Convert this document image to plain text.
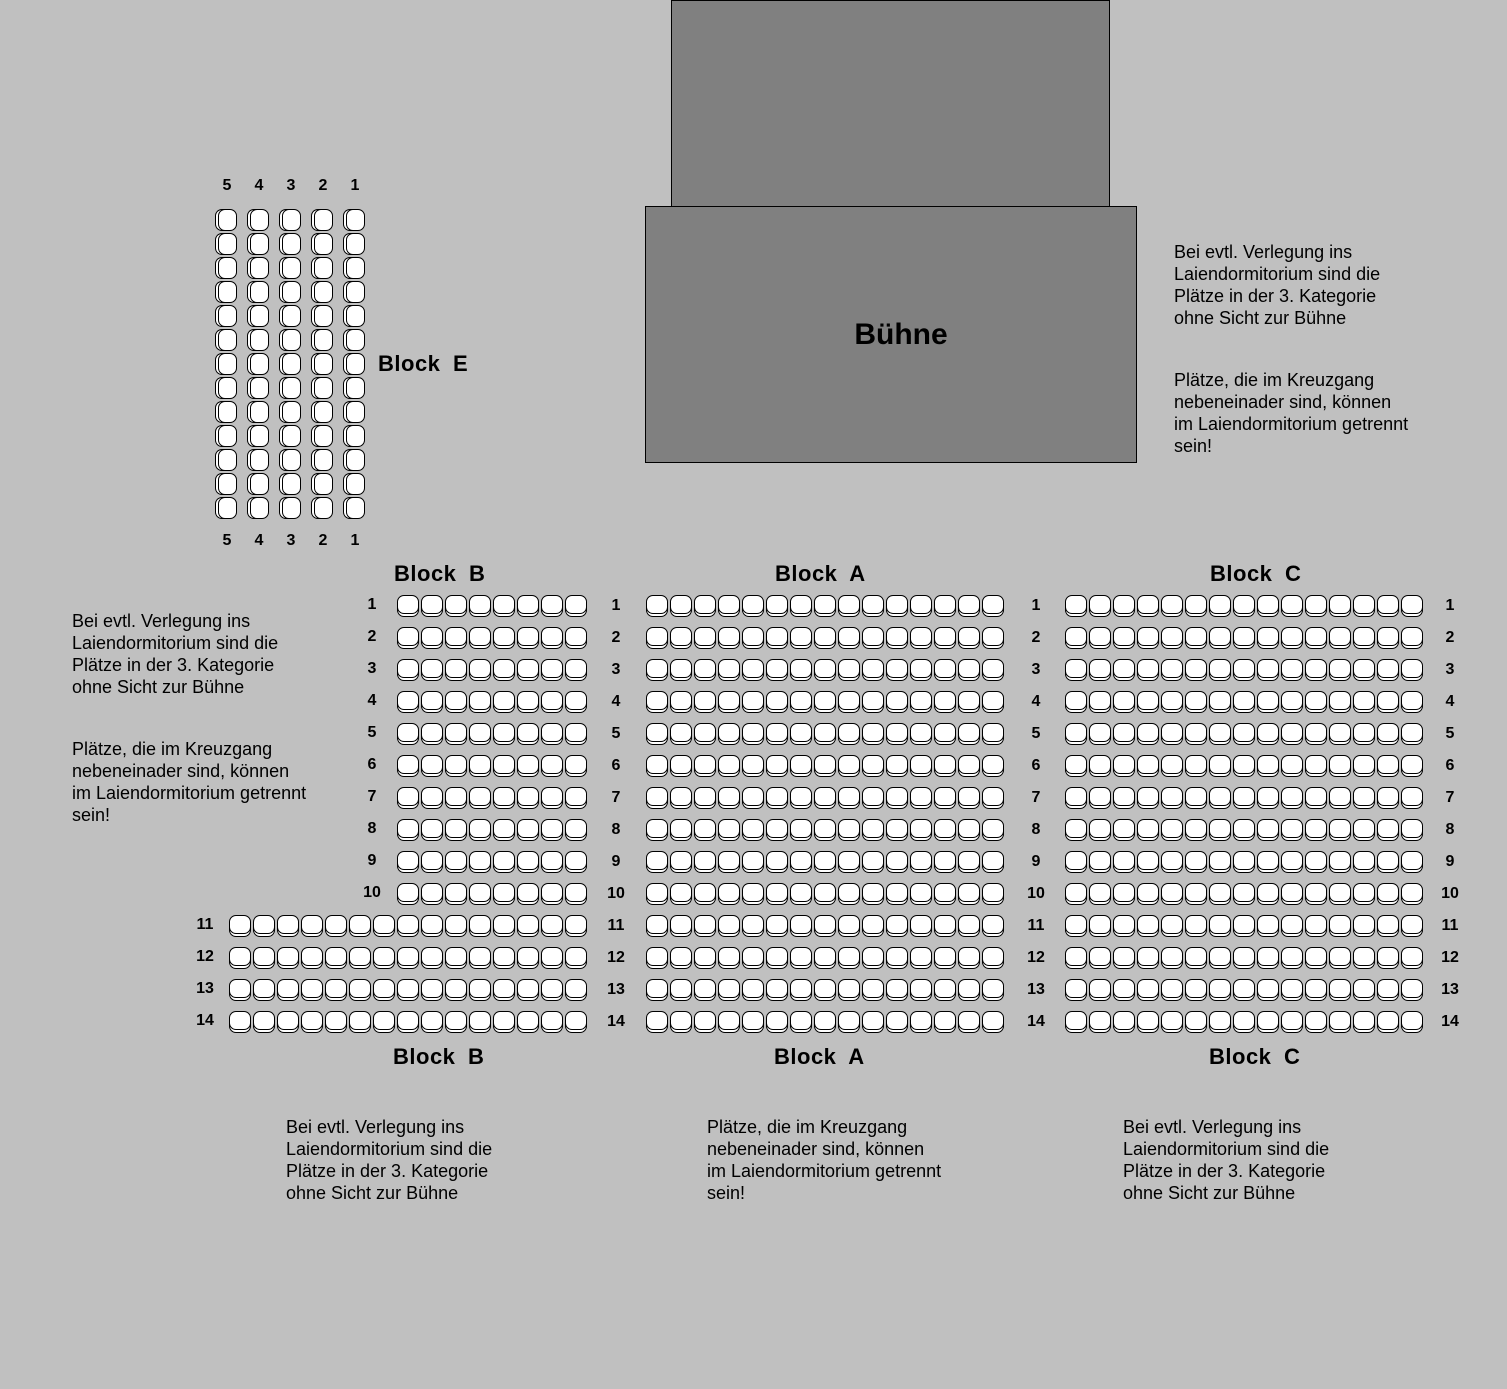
Bühne

Bei evtl. Verlegung ins
Laiendormitorium sind die
Plätze in der 3. Kategorie
ohne Sicht zur Bühne

Plätze, die im Kreuzgang
nebeneinader sind, können
im Laiendormitorium getrennt
sein!

Bei evtl. Verlegung ins
Laiendormitorium sind die
Plätze in der 3. Kategorie
ohne Sicht zur Bühne

Plätze, die im Kreuzgang
nebeneinader sind, können
im Laiendormitorium getrennt
sein!

Bei evtl. Verlegung ins
Laiendormitorium sind die
Plätze in der 3. Kategorie
ohne Sicht zur Bühne
Plätze, die im Kreuzgang
nebeneinader sind, können
im Laiendormitorium getrennt
sein!
Bei evtl. Verlegung ins
Laiendormitorium sind die
Plätze in der 3. Kategorie
ohne Sicht zur Bühne
Block E
Block B	Block A	Block C
Block B	Block A	Block C
1	1
2	2
3	3
4	4
5	5
6	6
7	7
8	8
9	9
10	10
11	11
12	12
13	13
14	14
1
2
3
4
5
6
7
8
9
10
11
12
13
14
1
2
3
4
5
6
7
8
9
10
11
12
13
14
5
5
4
4
3
3
2
2
1
1
